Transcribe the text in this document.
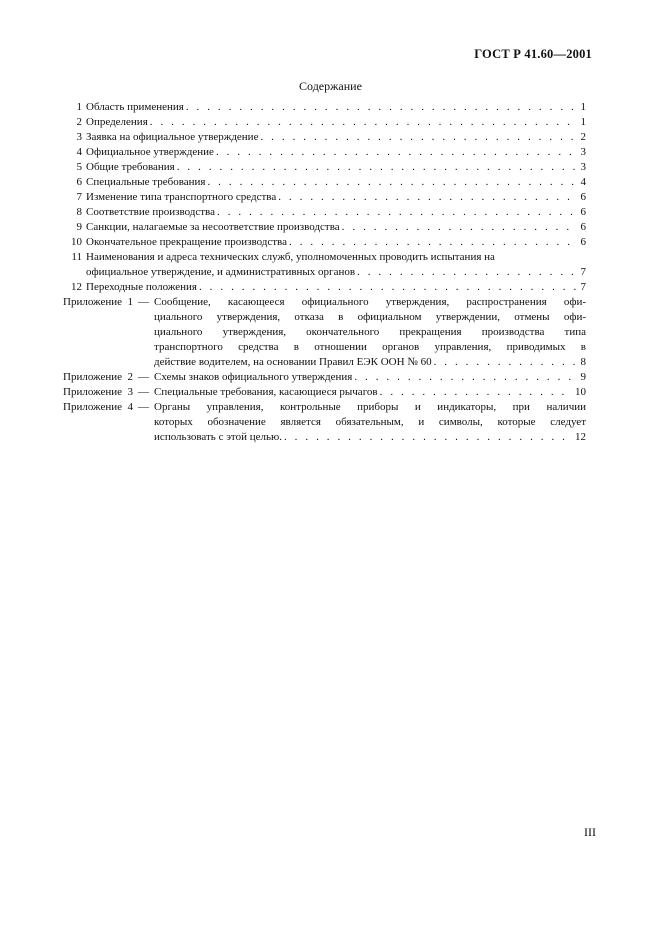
ГОСТ Р 41.60—2001
Содержание
1 Область применения . . .	1
2 Определения . . .	1
3 Заявка на официальное утверждение . . .	2
4 Официальное утверждение . . .	3
5 Общие требования . . .	3
6 Специальные требования . . .	4
7 Изменение типа транспортного средства . . .	6
8 Соответствие производства . . .	6
9 Санкции, налагаемые за несоответствие производства . . .	6
10 Окончательное прекращение производства . . .	6
11 Наименования и адреса технических служб, уполномоченных проводить испытания на
официальное утверждение, и административных органов . . .	7
12 Переходные положения . . .	7
Приложение  1 — Сообщение, касающееся официального утверждения, распространения офи-
циального утверждения, отказа в официальном утверждении, отмены офи-
циального утверждения, окончательного прекращения производства типа
транспортного средства в отношении органов управления, приводимых в
действие водителем, на основании Правил ЕЭК ООН № 60 . . .	8
Приложение  2 — Схемы знаков официального утверждения . . .	9
Приложение  3 — Специальные требования, касающиеся рычагов . . .	10
Приложение  4 — Органы управления, контрольные приборы и индикаторы, при наличии
которых обозначение является обязательным, и символы, которые следует
использовать с этой целью. . . .	12
III
